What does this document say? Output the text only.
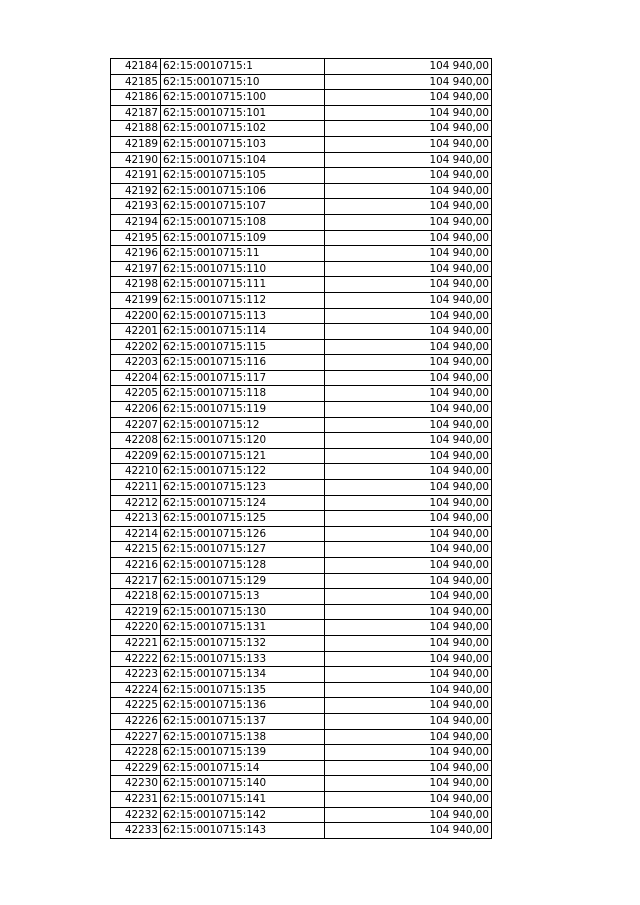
42184	62:15:0010715:1	104 940,00
42185	62:15:0010715:10	104 940,00
42186	62:15:0010715:100	104 940,00
42187	62:15:0010715:101	104 940,00
42188	62:15:0010715:102	104 940,00
42189	62:15:0010715:103	104 940,00
42190	62:15:0010715:104	104 940,00
42191	62:15:0010715:105	104 940,00
42192	62:15:0010715:106	104 940,00
42193	62:15:0010715:107	104 940,00
42194	62:15:0010715:108	104 940,00
42195	62:15:0010715:109	104 940,00
42196	62:15:0010715:11	104 940,00
42197	62:15:0010715:110	104 940,00
42198	62:15:0010715:111	104 940,00
42199	62:15:0010715:112	104 940,00
42200	62:15:0010715:113	104 940,00
42201	62:15:0010715:114	104 940,00
42202	62:15:0010715:115	104 940,00
42203	62:15:0010715:116	104 940,00
42204	62:15:0010715:117	104 940,00
42205	62:15:0010715:118	104 940,00
42206	62:15:0010715:119	104 940,00
42207	62:15:0010715:12	104 940,00
42208	62:15:0010715:120	104 940,00
42209	62:15:0010715:121	104 940,00
42210	62:15:0010715:122	104 940,00
42211	62:15:0010715:123	104 940,00
42212	62:15:0010715:124	104 940,00
42213	62:15:0010715:125	104 940,00
42214	62:15:0010715:126	104 940,00
42215	62:15:0010715:127	104 940,00
42216	62:15:0010715:128	104 940,00
42217	62:15:0010715:129	104 940,00
42218	62:15:0010715:13	104 940,00
42219	62:15:0010715:130	104 940,00
42220	62:15:0010715:131	104 940,00
42221	62:15:0010715:132	104 940,00
42222	62:15:0010715:133	104 940,00
42223	62:15:0010715:134	104 940,00
42224	62:15:0010715:135	104 940,00
42225	62:15:0010715:136	104 940,00
42226	62:15:0010715:137	104 940,00
42227	62:15:0010715:138	104 940,00
42228	62:15:0010715:139	104 940,00
42229	62:15:0010715:14	104 940,00
42230	62:15:0010715:140	104 940,00
42231	62:15:0010715:141	104 940,00
42232	62:15:0010715:142	104 940,00
42233	62:15:0010715:143	104 940,00
